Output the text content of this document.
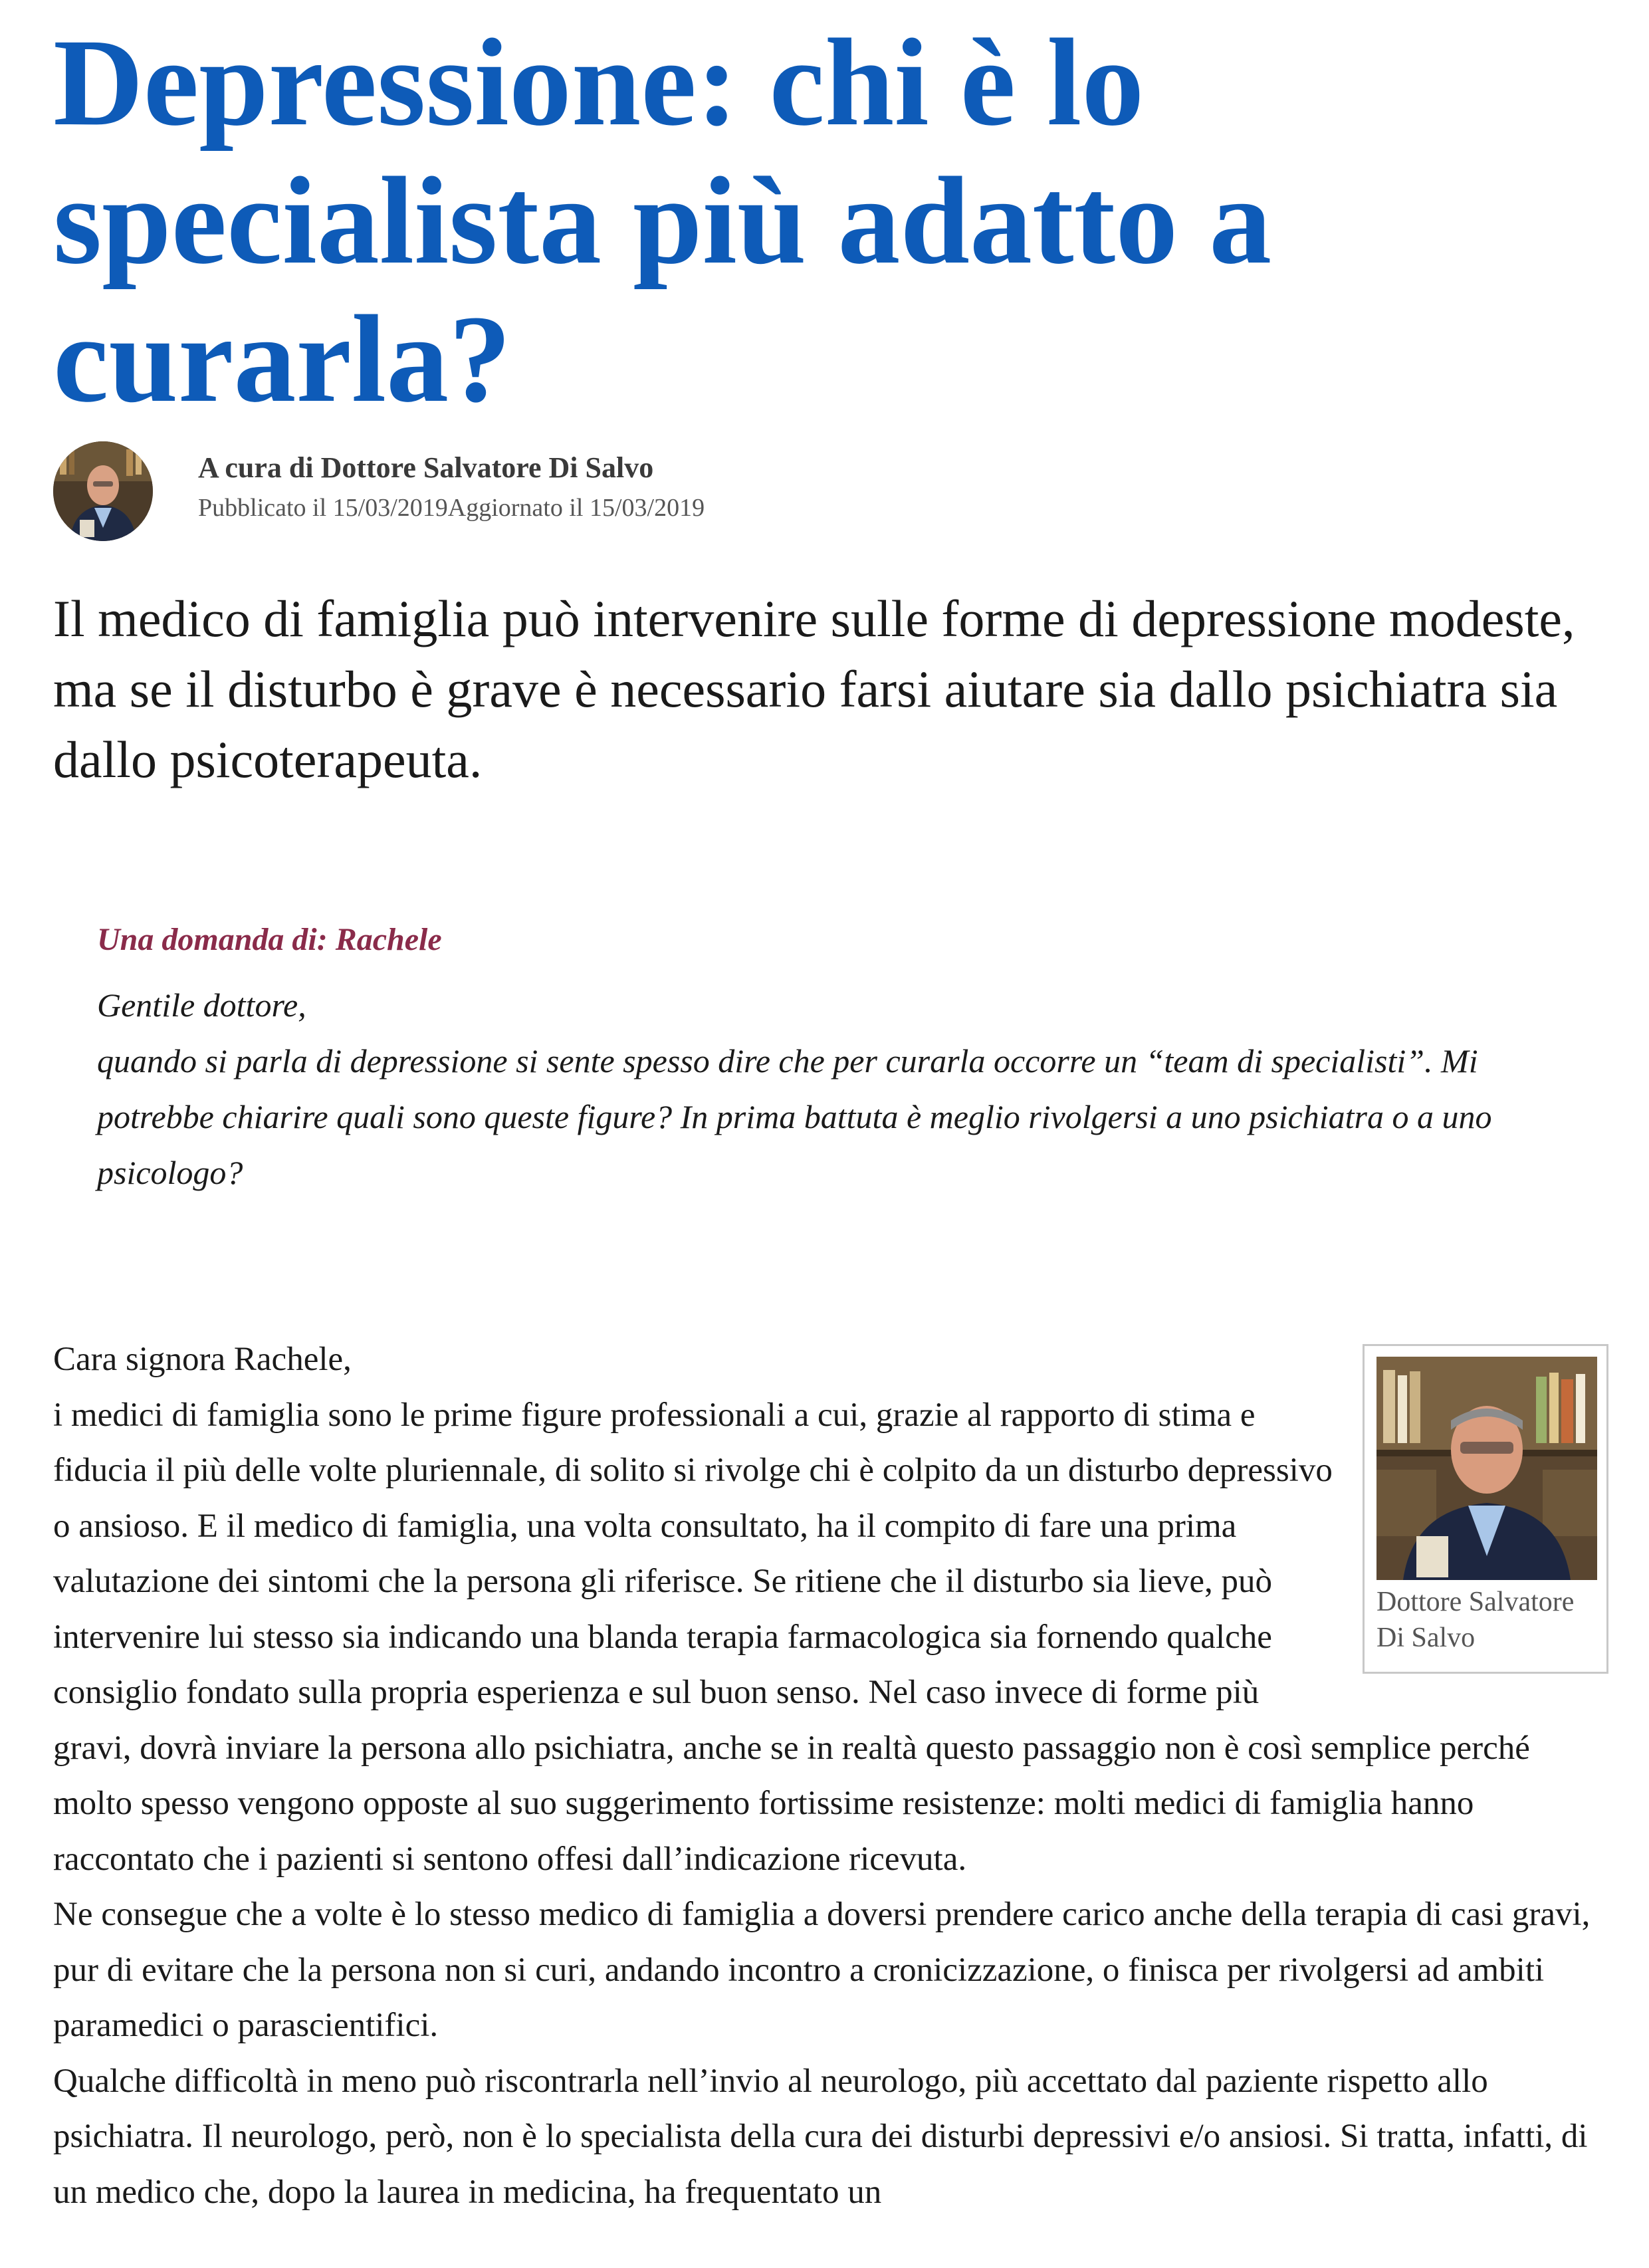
Depressione: chi è lo specialista più adatto a curarla?

A cura di Dottore Salvatore Di Salvo

Pubblicato il 15/03/2019Aggiornato il 15/03/2019

Il medico di famiglia può intervenire sulle forme di depressione modeste, ma se il disturbo è grave è necessario farsi aiutare sia dallo psichiatra sia dallo psicoterapeuta.

Una domanda di: Rachele

Gentile dottore,
quando si parla di depressione si sente spesso dire che per curarla occorre un “team di specialisti”. Mi potrebbe chiarire quali sono queste figure? In prima battuta è meglio rivolgersi a uno psichiatra o a uno psicologo?

Dottore Salvatore Di Salvo

Cara signora Rachele,

i medici di famiglia sono le prime figure professionali a cui, grazie al rapporto di stima e fiducia il più delle volte pluriennale, di solito si rivolge chi è colpito da un disturbo depressivo o ansioso. E il medico di famiglia, una volta consultato, ha il compito di fare una prima valutazione dei sintomi che la persona gli riferisce. Se ritiene che il disturbo sia lieve, può intervenire lui stesso sia indicando una blanda terapia farmacologica sia fornendo qualche consiglio fondato sulla propria esperienza e sul buon senso. Nel caso invece di forme più gravi, dovrà inviare la persona allo psichiatra, anche se in realtà questo passaggio non è così semplice perché molto spesso vengono opposte al suo suggerimento fortissime resistenze: molti medici di famiglia hanno raccontato che i pazienti si sentono offesi dall’indicazione ricevuta.

Ne consegue che a volte è lo stesso medico di famiglia a doversi prendere carico anche della terapia di casi gravi, pur di evitare che la persona non si curi, andando incontro a cronicizzazione, o finisca per rivolgersi ad ambiti paramedici o parascientifici.

Qualche difficoltà in meno può riscontrarla nell’invio al neurologo, più accettato dal paziente rispetto allo psichiatra. Il neurologo, però, non è lo specialista della cura dei disturbi depressivi e/o ansiosi. Si tratta, infatti, di un medico che, dopo la laurea in medicina, ha frequentato un
